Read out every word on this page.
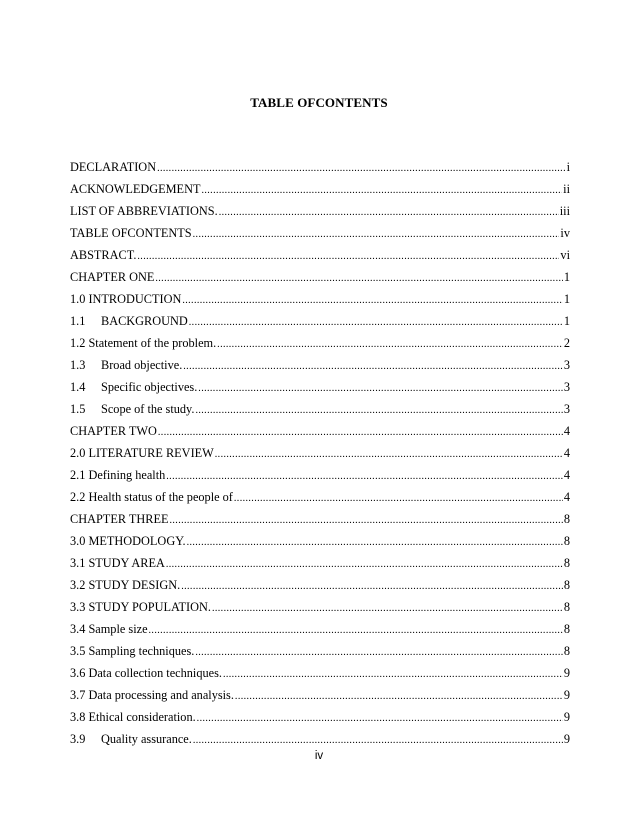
TABLE OFCONTENTS
DECLARATION .....	i
ACKNOWLEDGEMENT .....	ii
LIST OF ABBREVIATIONS. .....	iii
TABLE OFCONTENTS .....	iv
ABSTRACT. .....	vi
CHAPTER ONE .....	1
1.0 INTRODUCTION .....	1
1.1	BACKGROUND .....	1
1.2 Statement of the problem. .....	2
1.3	Broad objective. .....	3
1.4	Specific objectives. .....	3
1.5	Scope of the study. .....	3
CHAPTER TWO .....	4
2.0 LITERATURE REVIEW .....	4
2.1 Defining health .....	4
2.2 Health status of the people of .....	4
CHAPTER THREE .....	8
3.0 METHODOLOGY. .....	8
3.1 STUDY AREA .....	8
3.2 STUDY DESIGN. .....	8
3.3 STUDY POPULATION. .....	8
3.4 Sample size .....	8
3.5 Sampling techniques. .....	8
3.6 Data collection techniques. .....	9
3.7 Data processing and analysis. .....	9
3.8 Ethical consideration. .....	9
3.9	Quality assurance. .....	9
iv
